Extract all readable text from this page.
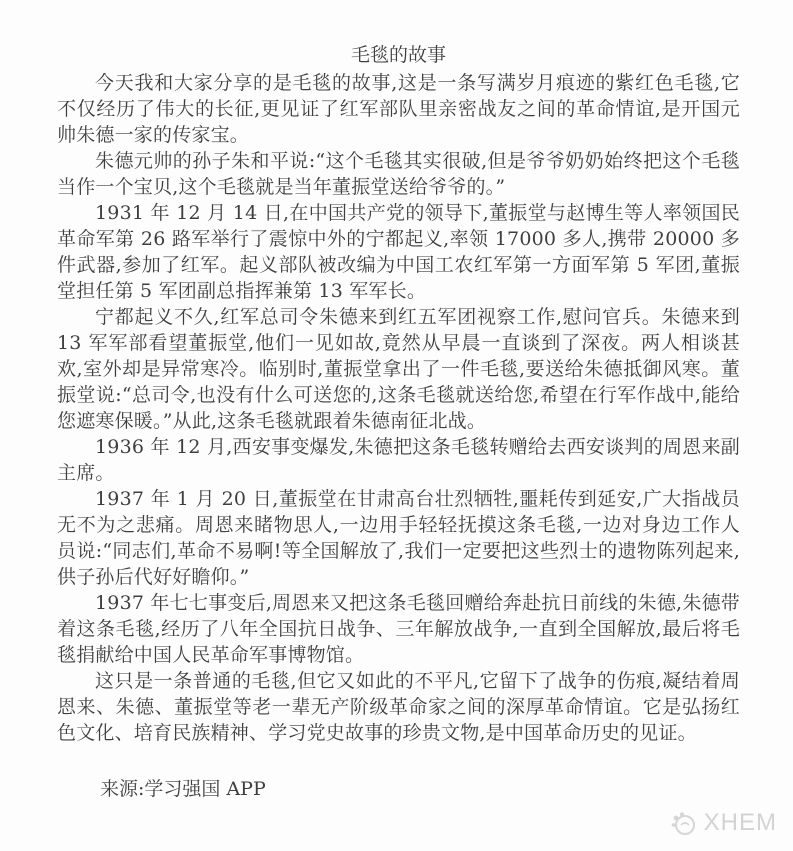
毛毯的故事

今天我和大家分享的是毛毯的故事,这是一条写满岁月痕迹的紫红色毛毯,它不仅经历了伟大的长征,更见证了红军部队里亲密战友之间的革命情谊,是开国元帅朱德一家的传家宝。

朱德元帅的孙子朱和平说:“这个毛毯其实很破,但是爷爷奶奶始终把这个毛毯当作一个宝贝,这个毛毯就是当年董振堂送给爷爷的。”

1931 年 12 月 14 日,在中国共产党的领导下,董振堂与赵博生等人率领国民革命军第 26 路军举行了震惊中外的宁都起义,率领 17000 多人,携带 20000 多件武器,参加了红军。起义部队被改编为中国工农红军第一方面军第 5 军团,董振堂担任第 5 军团副总指挥兼第 13 军军长。

宁都起义不久,红军总司令朱德来到红五军团视察工作,慰问官兵。朱德来到 13 军军部看望董振堂,他们一见如故,竟然从早晨一直谈到了深夜。两人相谈甚欢,室外却是异常寒冷。临别时,董振堂拿出了一件毛毯,要送给朱德抵御风寒。董振堂说:“总司令,也没有什么可送您的,这条毛毯就送给您,希望在行军作战中,能给您遮寒保暖。”从此,这条毛毯就跟着朱德南征北战。

1936 年 12 月,西安事变爆发,朱德把这条毛毯转赠给去西安谈判的周恩来副主席。

1937 年 1 月 20 日,董振堂在甘肃高台壮烈牺牲,噩耗传到延安,广大指战员无不为之悲痛。周恩来睹物思人,一边用手轻轻抚摸这条毛毯,一边对身边工作人员说:“同志们,革命不易啊!等全国解放了,我们一定要把这些烈士的遗物陈列起来,供子孙后代好好瞻仰。”

1937 年七七事变后,周恩来又把这条毛毯回赠给奔赴抗日前线的朱德,朱德带着这条毛毯,经历了八年全国抗日战争、三年解放战争,一直到全国解放,最后将毛毯捐献给中国人民革命军事博物馆。

这只是一条普通的毛毯,但它又如此的不平凡,它留下了战争的伤痕,凝结着周恩来、朱德、董振堂等老一辈无产阶级革命家之间的深厚革命情谊。它是弘扬红色文化、培育民族精神、学习党史故事的珍贵文物,是中国革命历史的见证。

来源:学习强国 APP
XHEM
